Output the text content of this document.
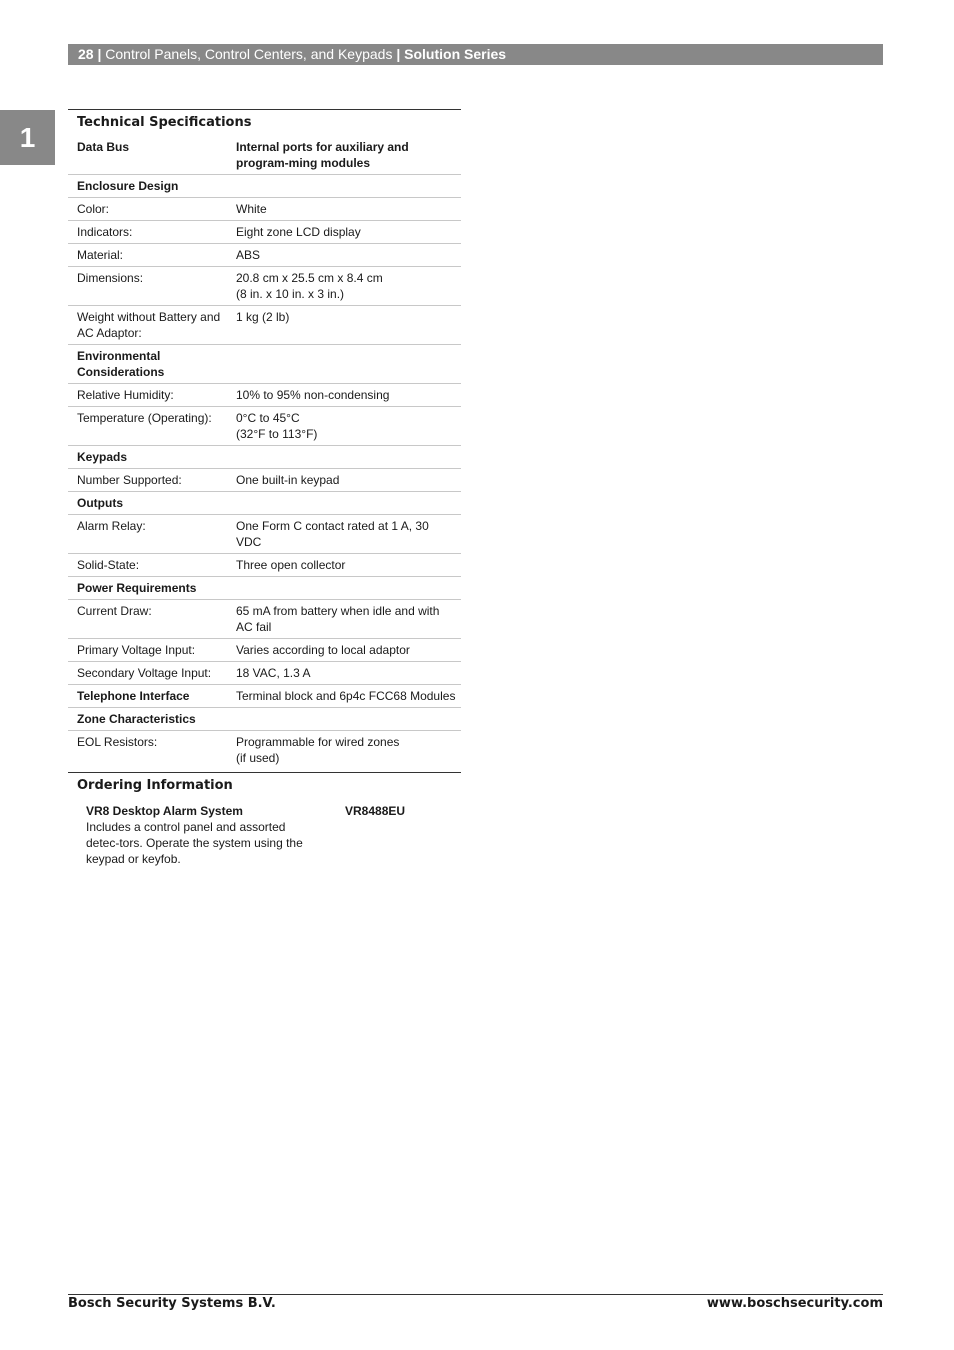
28 | Control Panels, Control Centers, and Keypads | Solution Series
1	Technical Specifications
Data Bus	Internal ports for auxiliary and program-ming modules
Enclosure Design	
Color:	White
Indicators:	Eight zone LCD display
Material:	ABS
Dimensions:	20.8 cm x 25.5 cm x 8.4 cm
(8 in. x 10 in. x 3 in.)
Weight without Battery and AC Adaptor:	1 kg (2 lb)
Environmental Considerations	
Relative Humidity:	10% to 95% non-condensing
Temperature (Operating):	0°C to 45°C
(32°F to 113°F)
Keypads	
Number Supported:	One built-in keypad
Outputs	
Alarm Relay:	One Form C contact rated at 1 A, 30 VDC
Solid-State:	Three open collector
Power Requirements	
Current Draw:	65 mA from battery when idle and with AC fail
Primary Voltage Input:	Varies according to local adaptor
Secondary Voltage Input:	18 VAC, 1.3 A
Telephone Interface	Terminal block and 6p4c FCC68 Modules
Zone Characteristics	
EOL Resistors:	Programmable for wired zones
(if used)
Ordering Information
VR8 Desktop Alarm System	VR8488EU
Includes a control panel and assorted detec-tors. Operate the system using the keypad or keyfob.
Bosch Security Systems B.V.	www.boschsecurity.com
